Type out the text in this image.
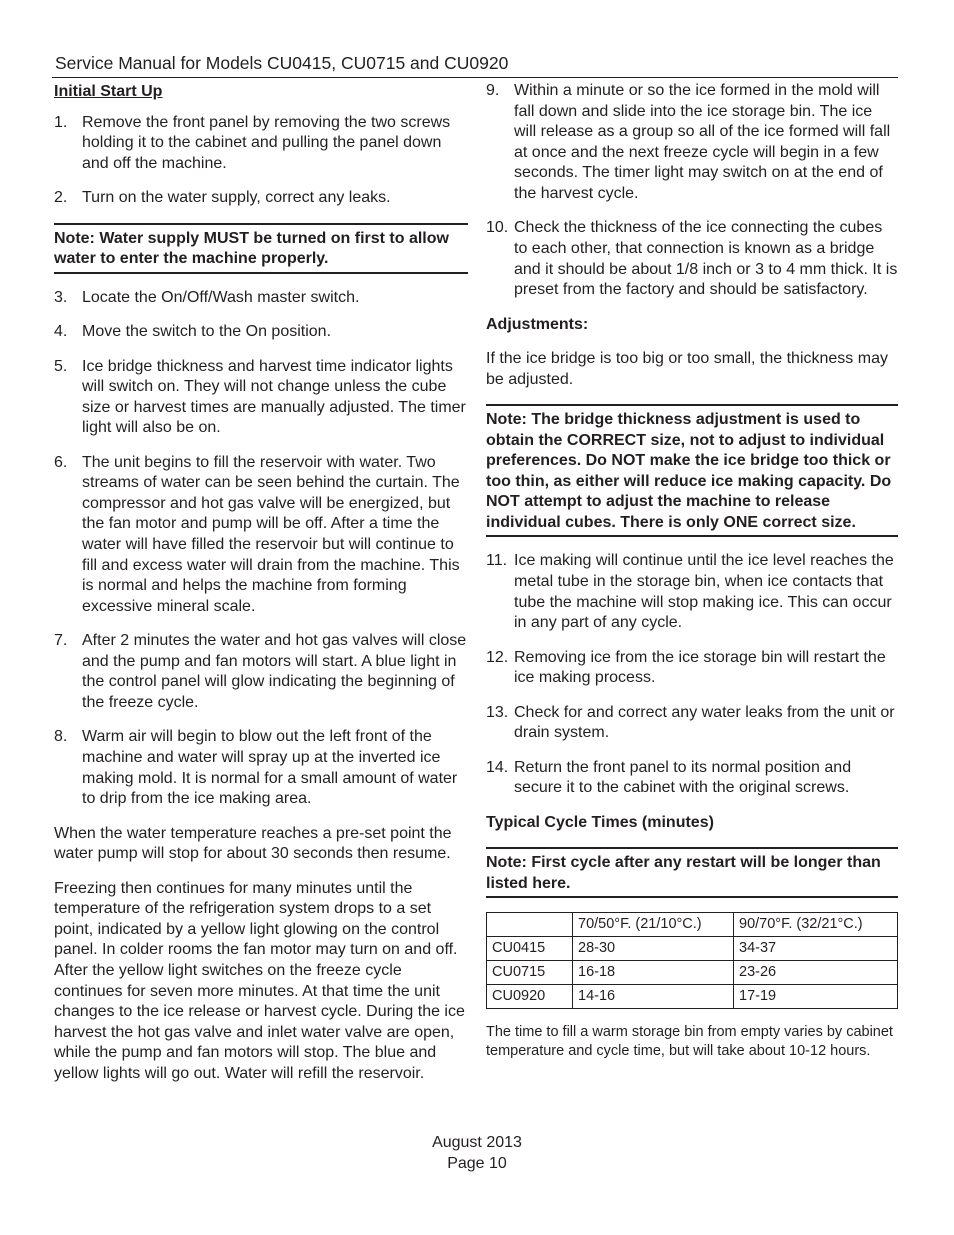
Service Manual for Models CU0415, CU0715 and CU0920
Initial Start Up
1. Remove the front panel by removing the two screws holding it to the cabinet and pulling the panel down and off the machine.
2. Turn on the water supply, correct any leaks.
Note: Water supply MUST be turned on first to allow water to enter the machine properly.
3. Locate the On/Off/Wash master switch.
4. Move the switch to the On position.
5. Ice bridge thickness and harvest time indicator lights will switch on. They will not change unless the cube size or harvest times are manually adjusted. The timer light will also be on.
6. The unit begins to fill the reservoir with water. Two streams of water can be seen behind the curtain. The compressor and hot gas valve will be energized, but the fan motor and pump will be off. After a time the water will have filled the reservoir but will continue to fill and excess water will drain from the machine. This is normal and helps the machine from forming excessive mineral scale.
7. After 2 minutes the water and hot gas valves will close and the pump and fan motors will start. A blue light in the control panel will glow indicating the beginning of the freeze cycle.
8. Warm air will begin to blow out the left front of the machine and water will spray up at the inverted ice making mold. It is normal for a small amount of water to drip from the ice making area.
When the water temperature reaches a pre-set point the water pump will stop for about 30 seconds then resume.
Freezing then continues for many minutes until the temperature of the refrigeration system drops to a set point, indicated by a yellow light glowing on the control panel. In colder rooms the fan motor may turn on and off. After the yellow light switches on the freeze cycle continues for seven more minutes. At that time the unit changes to the ice release or harvest cycle. During the ice harvest the hot gas valve and inlet water valve are open, while the pump and fan motors will stop. The blue and yellow lights will go out. Water will refill the reservoir.
9. Within a minute or so the ice formed in the mold will fall down and slide into the ice storage bin. The ice will release as a group so all of the ice formed will fall at once and the next freeze cycle will begin in a few seconds. The timer light may switch on at the end of the harvest cycle.
10. Check the thickness of the ice connecting the cubes to each other, that connection is known as a bridge and it should be about 1/8 inch or 3 to 4 mm thick. It is preset from the factory and should be satisfactory.
Adjustments:
If the ice bridge is too big or too small, the thickness may be adjusted.
Note: The bridge thickness adjustment is used to obtain the CORRECT size, not to adjust to individual preferences. Do NOT make the ice bridge too thick or too thin, as either will reduce ice making capacity. Do NOT attempt to adjust the machine to release individual cubes. There is only ONE correct size.
11. Ice making will continue until the ice level reaches the metal tube in the storage bin, when ice contacts that tube the machine will stop making ice. This can occur in any part of any cycle.
12. Removing ice from the ice storage bin will restart the ice making process.
13. Check for and correct any water leaks from the unit or drain system.
14. Return the front panel to its normal position and secure it to the cabinet with the original screws.
Typical Cycle Times (minutes)
Note: First cycle after any restart will be longer than listed here.
	70/50°F. (21/10°C.)	90/70°F. (32/21°C.)
CU0415	28-30	34-37
CU0715	16-18	23-26
CU0920	14-16	17-19

The time to fill a warm storage bin from empty varies by cabinet temperature and cycle time, but will take about 10-12 hours.

August 2013
Page 10
